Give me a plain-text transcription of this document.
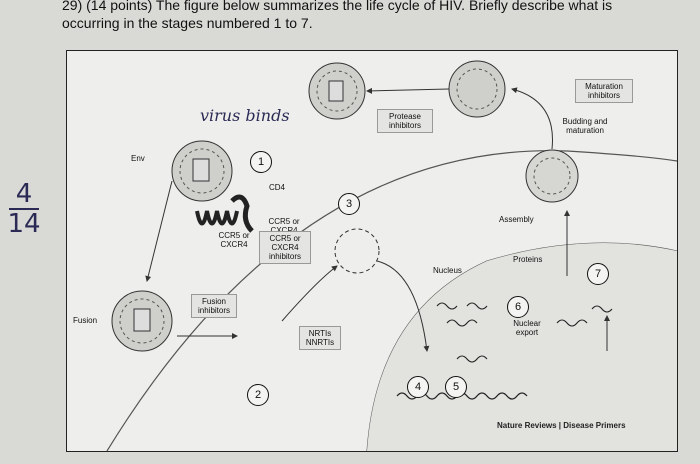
29) (14 points) The figure below summarizes the life cycle of HIV. Briefly describe what is occurring in the stages numbered 1 to 7.
4
14
virus binds
Env
CD4
CCR5 or
CCR5 or CXCR4
CCR5 or CXCR4 inhibitors
Fusion
Fusion inhibitors
NRTIs NNRTIs
Protease inhibitors
Maturation inhibitors
Budding and maturation
Assembly
Proteins
Nucleus
Nuclear export
1
2
3
4	5
6
7
Nature Reviews | Disease Primers
